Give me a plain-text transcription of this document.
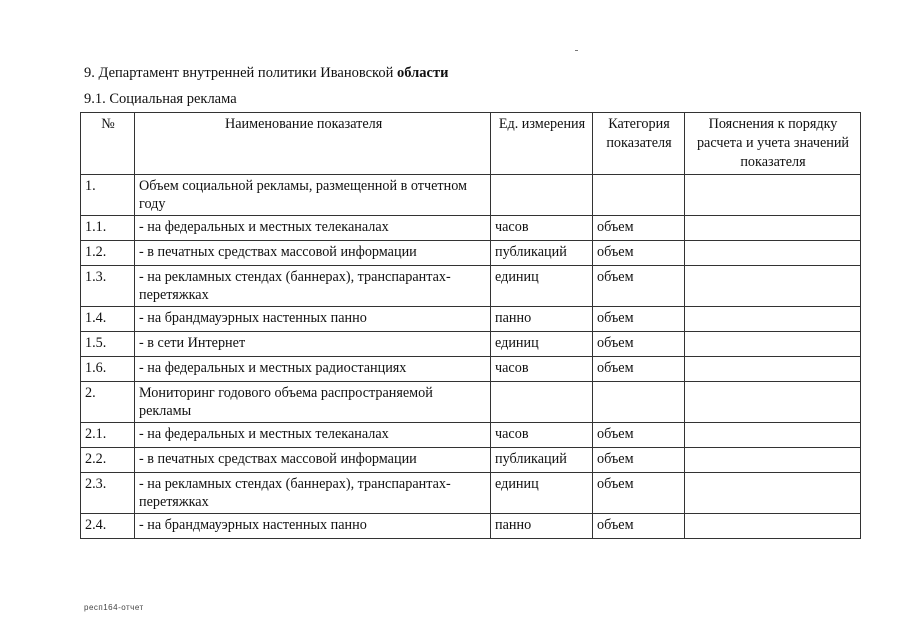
9. Департамент внутренней политики Ивановской области
9.1. Социальная реклама
№	Наименование показателя	Ед. измерения	Категория показателя	Пояснения к порядку расчета и учета значений показателя
1.	Объем социальной рекламы, размещенной в отчетном году			
1.1.	- на федеральных и местных телеканалах	часов	объем	
1.2.	- в печатных средствах массовой информации	публикаций	объем	
1.3.	- на рекламных стендах (баннерах), транспарантах-перетяжках	единиц	объем	
1.4.	- на брандмауэрных настенных панно	панно	объем	
1.5.	- в сети Интернет	единиц	объем	
1.6.	- на федеральных и местных радиостанциях	часов	объем	
2.	Мониторинг годового объема распространяемой рекламы			
2.1.	- на федеральных и местных телеканалах	часов	объем	
2.2.	- в печатных средствах массовой информации	публикаций	объем	
2.3.	- на рекламных стендах (баннерах), транспарантах-перетяжках	единиц	объем	
2.4.	- на брандмауэрных настенных панно	панно	объем	
респ164-отчет
